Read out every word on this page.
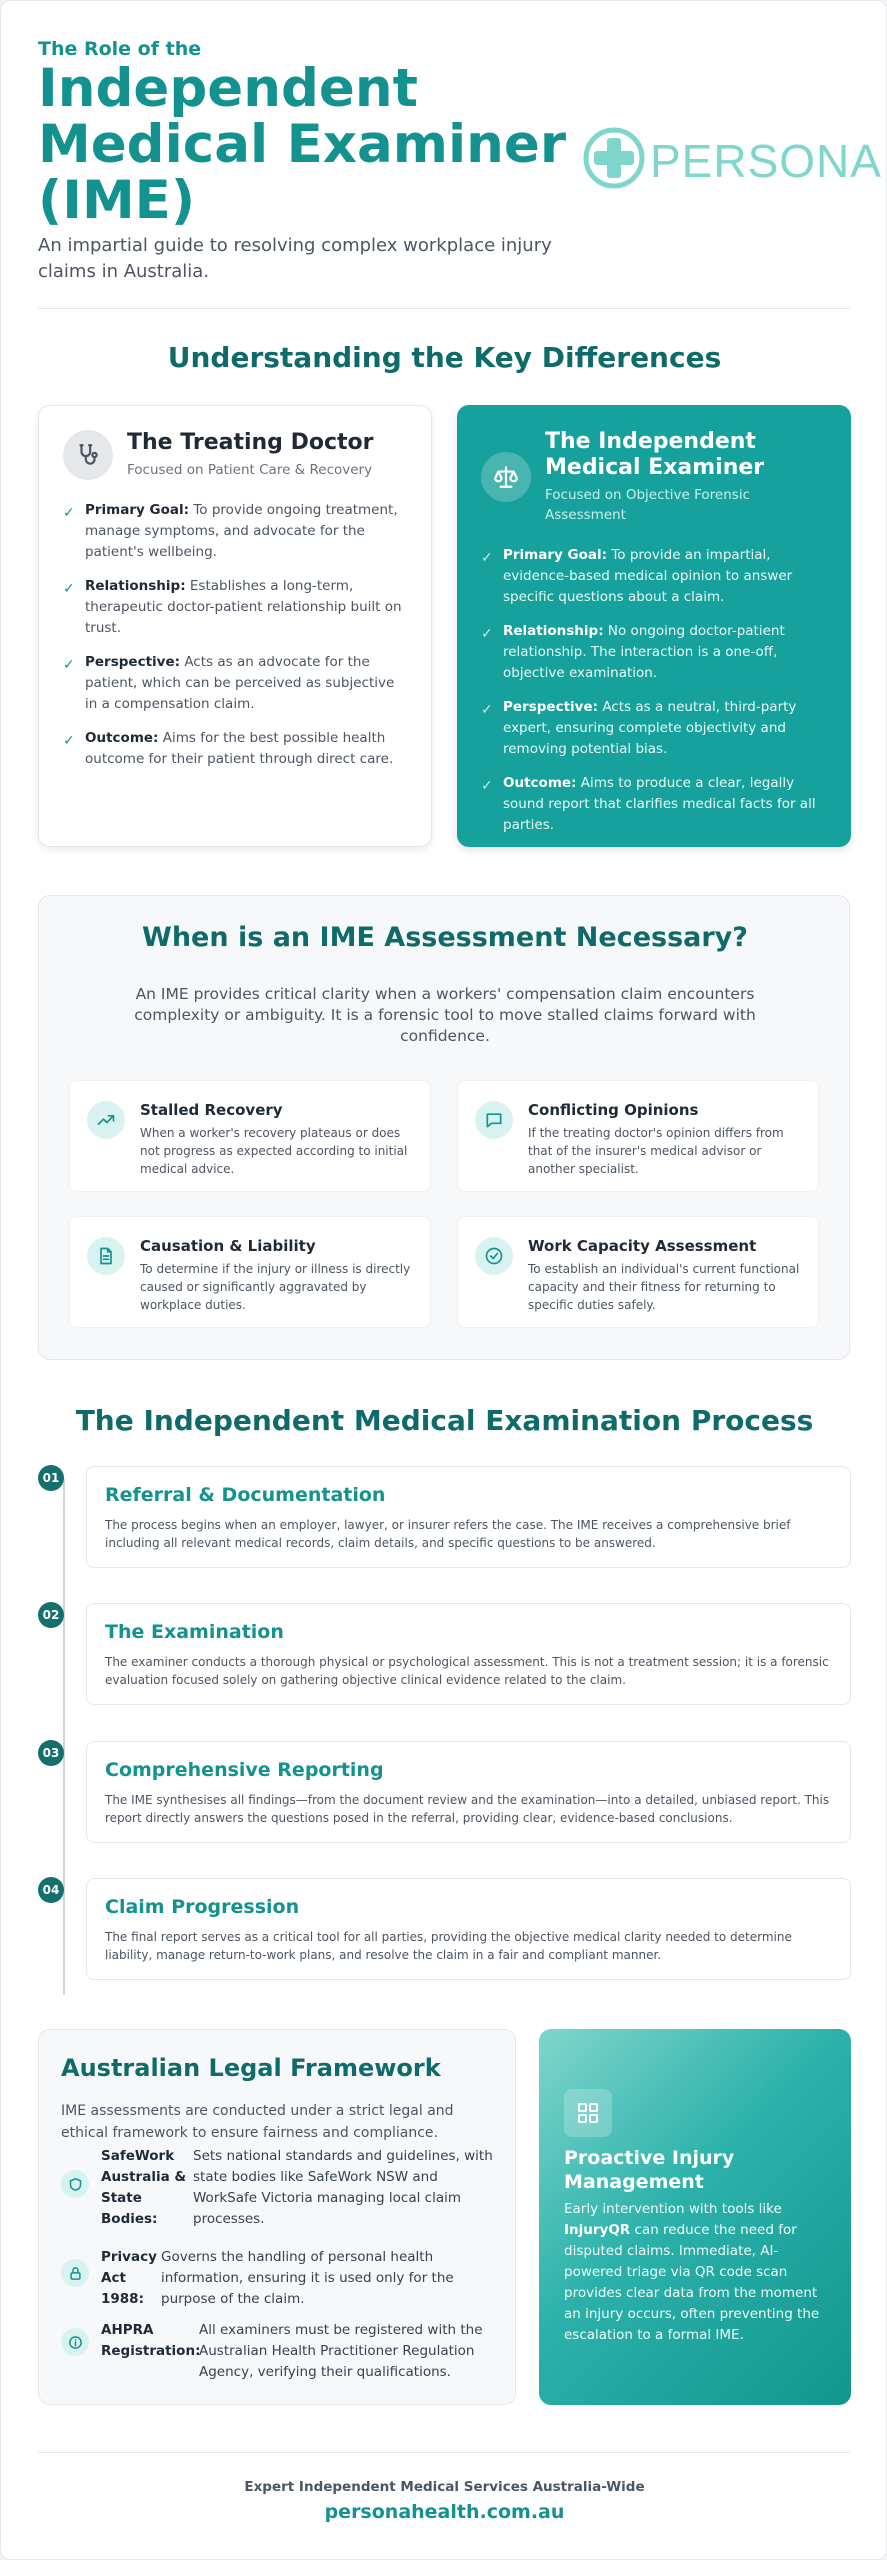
The Role of the
Independent Medical Examiner (IME)

An impartial guide to resolving complex workplace injury claims in Australia.

PERSONA
Understanding the Key Differences
The Treating Doctor
Focused on Patient Care & Recovery
✓ Primary Goal: To provide ongoing treatment, manage symptoms, and advocate for the patient's wellbeing.
✓ Relationship: Establishes a long-term, therapeutic doctor-patient relationship built on trust.
✓ Perspective: Acts as an advocate for the patient, which can be perceived as subjective in a compensation claim.
✓ Outcome: Aims for the best possible health outcome for their patient through direct care.
The Independent Medical Examiner
Focused on Objective Forensic Assessment
✓ Primary Goal: To provide an impartial, evidence-based medical opinion to answer specific questions about a claim.
✓ Relationship: No ongoing doctor-patient relationship. The interaction is a one-off, objective examination.
✓ Perspective: Acts as a neutral, third-party expert, ensuring complete objectivity and removing potential bias.
✓ Outcome: Aims to produce a clear, legally sound report that clarifies medical facts for all parties.
When is an IME Assessment Necessary?

An IME provides critical clarity when a workers' compensation claim encounters complexity or ambiguity. It is a forensic tool to move stalled claims forward with confidence.

Stalled Recovery
When a worker's recovery plateaus or does not progress as expected according to initial medical advice.
Conflicting Opinions
If the treating doctor's opinion differs from that of the insurer's medical advisor or another specialist.
Causation & Liability
To determine if the injury or illness is directly caused or significantly aggravated by workplace duties.
Work Capacity Assessment
To establish an individual's current functional capacity and their fitness for returning to specific duties safely.
The Independent Medical Examination Process
01
Referral & Documentation
The process begins when an employer, lawyer, or insurer refers the case. The IME receives a comprehensive brief including all relevant medical records, claim details, and specific questions to be answered.
02
The Examination
The examiner conducts a thorough physical or psychological assessment. This is not a treatment session; it is a forensic evaluation focused solely on gathering objective clinical evidence related to the claim.
03
Comprehensive Reporting
The IME synthesises all findings—from the document review and the examination—into a detailed, unbiased report. This report directly answers the questions posed in the referral, providing clear, evidence-based conclusions.
04
Claim Progression
The final report serves as a critical tool for all parties, providing the objective medical clarity needed to determine liability, manage return-to-work plans, and resolve the claim in a fair and compliant manner.
Australian Legal Framework
IME assessments are conducted under a strict legal and ethical framework to ensure fairness and compliance.
SafeWork Australia & State Bodies:
Sets national standards and guidelines, with state bodies like SafeWork NSW and WorkSafe Victoria managing local claim processes.
Privacy Act 1988:
Governs the handling of personal health information, ensuring it is used only for the purpose of the claim.
AHPRA Registration:
All examiners must be registered with the Australian Health Practitioner Regulation Agency, verifying their qualifications.
Proactive Injury Management

Early intervention with tools like InjuryQR can reduce the need for disputed claims. Immediate, AI-powered triage via QR code scan provides clear data from the moment an injury occurs, often preventing the escalation to a formal IME.

Expert Independent Medical Services Australia-Wide
personahealth.com.au
